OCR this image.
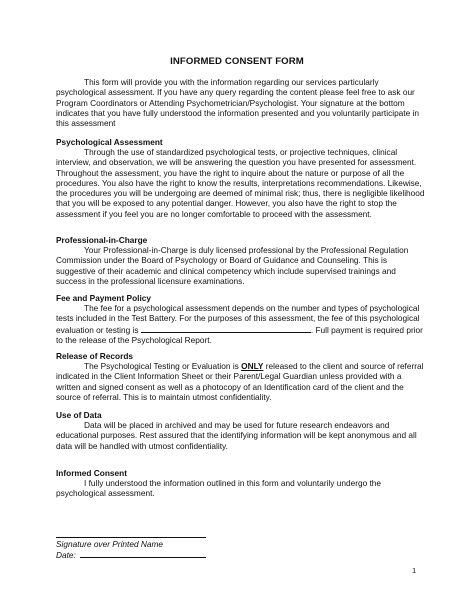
INFORMED CONSENT FORM
This form will provide you with the information regarding our services particularly psychological assessment. If you have any query regarding the content please feel free to ask our Program Coordinators or Attending Psychometrician/Psychologist. Your signature at the bottom indicates that you have fully understood the information presented and you voluntarily participate in this assessment
Psychological Assessment
Through the use of standardized psychological tests, or projective techniques, clinical interview, and observation, we will be answering the question you have presented for assessment. Throughout the assessment, you have the right to inquire about the nature or purpose of all the procedures. You also have the right to know the results, interpretations recommendations. Likewise, the procedures you will be undergoing are deemed of minimal risk; thus, there is negligible likelihood that you will be exposed to any potential danger. However, you also have the right to stop the assessment if you feel you are no longer comfortable to proceed with the assessment.
Professional-in-Charge
Your Professional-in-Charge is duly licensed professional by the Professional Regulation Commission under the Board of Psychology or Board of Guidance and Counseling. This is suggestive of their academic and clinical competency which include supervised trainings and success in the professional licensure examinations.
Fee and Payment Policy
The fee for a psychological assessment depends on the number and types of psychological tests included in the Test Battery. For the purposes of this assessment, the fee of this psychological evaluation or testing is	. Full payment is required prior to the release of the Psychological Report.
Release of Records
The Psychological Testing or Evaluation is ONLY released to the client and source of referral indicated in the Client Information Sheet or their Parent/Legal Guardian unless provided with a written and signed consent as well as a photocopy of an Identification card of the client and the source of referral. This is to maintain utmost confidentiality.
Use of Data
Data will be placed in archived and may be used for future research endeavors and educational purposes. Rest assured that the identifying information will be kept anonymous and all data will be handled with utmost confidentiality.
Informed Consent
I fully understood the information outlined in this form and voluntarily undergo the psychological assessment.
Signature over Printed Name
Date:
1
